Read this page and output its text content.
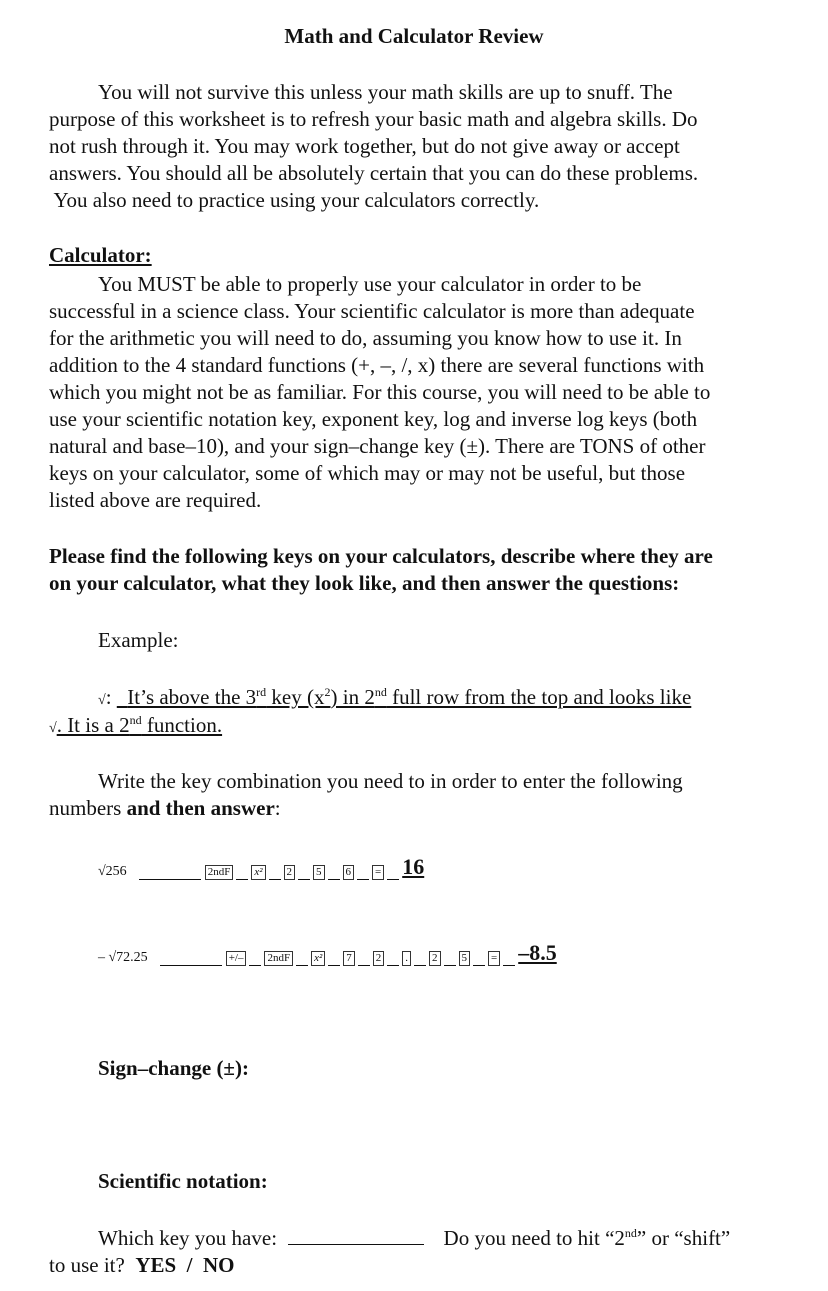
Math and Calculator Review
You will not survive this unless your math skills are up to snuff. The
purpose of this worksheet is to refresh your basic math and algebra skills. Do
not rush through it. You may work together, but do not give away or accept
answers. You should all be absolutely certain that you can do these problems.
You also need to practice using your calculators correctly.
Calculator:
You MUST be able to properly use your calculator in order to be
successful in a science class. Your scientific calculator is more than adequate
for the arithmetic you will need to do, assuming you know how to use it. In
addition to the 4 standard functions (+, –, /, x) there are several functions with
which you might not be as familiar. For this course, you will need to be able to
use your scientific notation key, exponent key, log and inverse log keys (both
natural and base–10), and your sign–change key (±). There are TONS of other
keys on your calculator, some of which may or may not be useful, but those
listed above are required.
Please find the following keys on your calculators, describe where they are
on your calculator, what they look like, and then answer the questions:
Example:
√: It’s above the 3rd key $(x^2)$ in 2nd full row from the top and looks like
√. It is a 2nd function.
Write the key combination you need to in order to enter the following
numbers and then answer:
√256	2ndF x² 2 5 6 = 16
– √72.25	+/– 2ndF x² 7 2 . 2 5 = –8.5
Sign–change (±):
Scientific notation:
Which key you have:	Do you need to hit “2nd” or “shift”
to use it? YES  /  NO
